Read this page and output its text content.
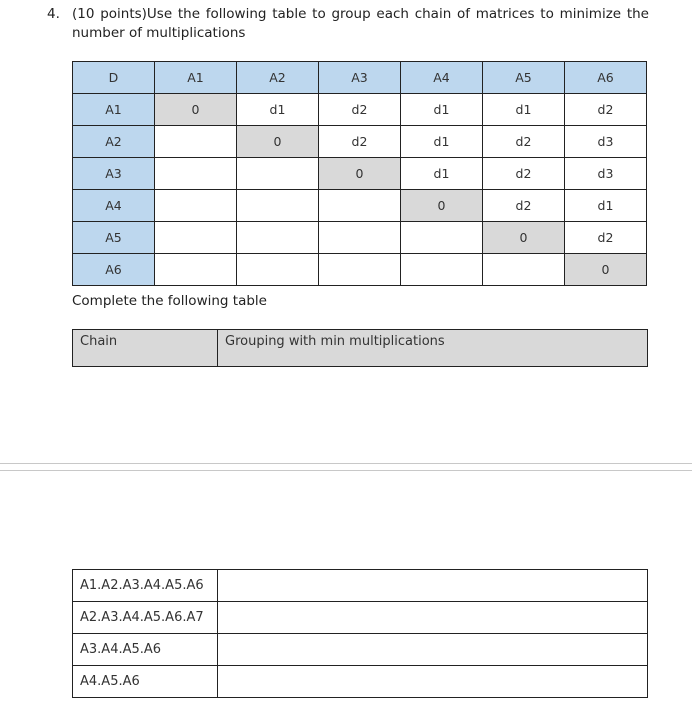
4. (10 points)Use the following table to group each chain of matrices to minimize the number of multiplications
D	A1	A2	A3	A4	A5	A6
A1	0	d1	d2	d1	d1	d2
A2		0	d2	d1	d2	d3
A3			0	d1	d2	d3
A4				0	d2	d1
A5					0	d2
A6						0
Complete the following table
Chain	Grouping with min multiplications
A1.A2.A3.A4.A5.A6	
A2.A3.A4.A5.A6.A7	
A3.A4.A5.A6	
A4.A5.A6	
